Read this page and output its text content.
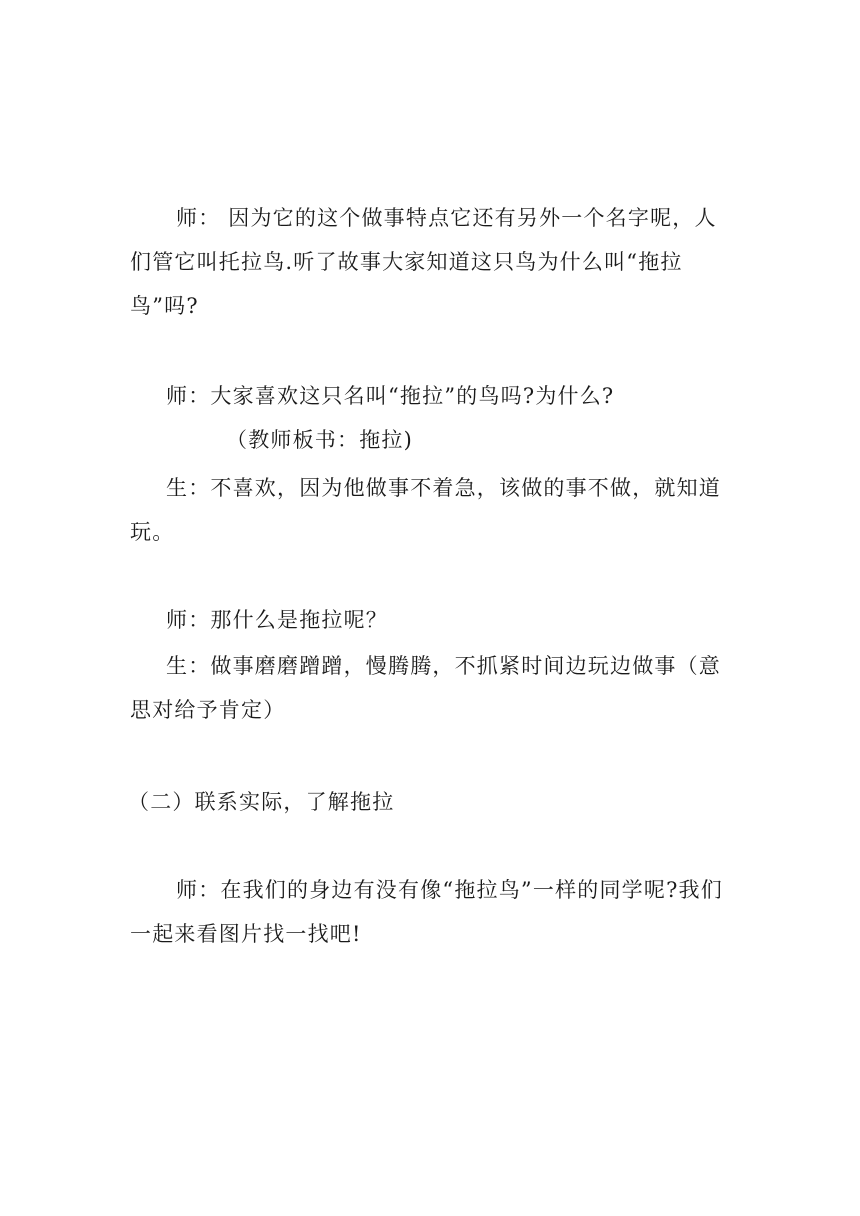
师： 因为它的这个做事特点它还有另外一个名字呢，人们管它叫托拉鸟.听了故事大家知道这只鸟为什么叫“拖拉鸟”吗?

师：大家喜欢这只名叫“拖拉”的鸟吗?为什么?

（教师板书：拖拉)

生：不喜欢，因为他做事不着急，该做的事不做，就知道玩。

师：那什么是拖拉呢？

生：做事磨磨蹭蹭，慢腾腾，不抓紧时间边玩边做事（意思对给予肯定）

（二）联系实际，了解拖拉

师：在我们的身边有没有像“拖拉鸟”一样的同学呢?我们一起来看图片找一找吧!
